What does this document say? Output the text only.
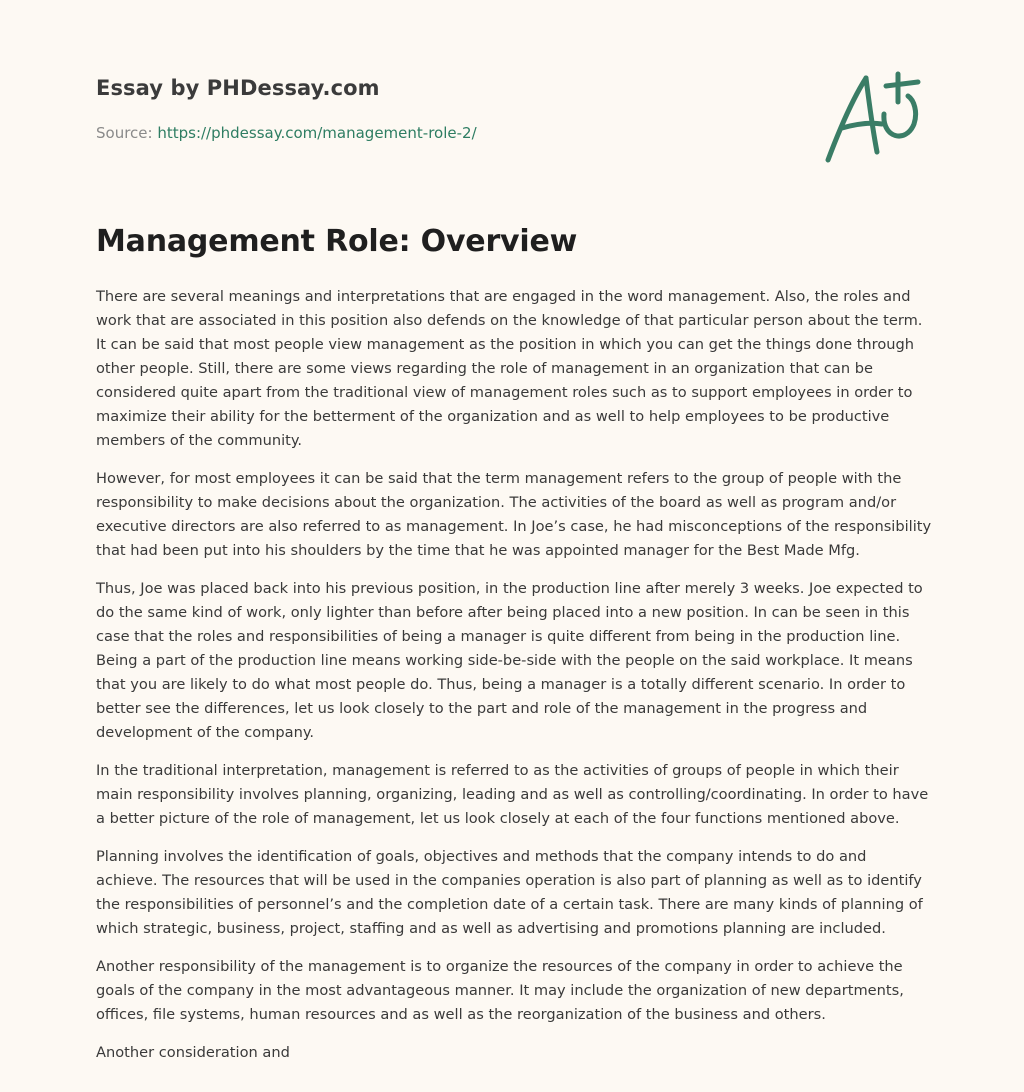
Essay by PHDessay.com
Source: https://phdessay.com/management-role-2/
Management Role: Overview

There are several meanings and interpretations that are engaged in the word management. Also, the roles and work that are associated in this position also defends on the knowledge of that particular person about the term. It can be said that most people view management as the position in which you can get the things done through other people. Still, there are some views regarding the role of management in an organization that can be considered quite apart from the traditional view of management roles such as to support employees in order to maximize their ability for the betterment of the organization and as well to help employees to be productive members of the community.

However, for most employees it can be said that the term management refers to the group of people with the responsibility to make decisions about the organization. The activities of the board as well as program and/or executive directors are also referred to as management. In Joe’s case, he had misconceptions of the responsibility that had been put into his shoulders by the time that he was appointed manager for the Best Made Mfg.

Thus, Joe was placed back into his previous position, in the production line after merely 3 weeks. Joe expected to do the same kind of work, only lighter than before after being placed into a new position. In can be seen in this case that the roles and responsibilities of being a manager is quite different from being in the production line. Being a part of the production line means working side-be-side with the people on the said workplace. It means that you are likely to do what most people do. Thus, being a manager is a totally different scenario. In order to better see the differences, let us look closely to the part and role of the management in the progress and development of the company.

In the traditional interpretation, management is referred to as the activities of groups of people in which their main responsibility involves planning, organizing, leading and as well as controlling/coordinating. In order to have a better picture of the role of management, let us look closely at each of the four functions mentioned above.

Planning involves the identification of goals, objectives and methods that the company intends to do and achieve. The resources that will be used in the companies operation is also part of planning as well as to identify the responsibilities of personnel’s and the completion date of a certain task. There are many kinds of planning of which strategic, business, project, staffing and as well as advertising and promotions planning are included.

Another responsibility of the management is to organize the resources of the company in order to achieve the goals of the company in the most advantageous manner. It may include the organization of new departments, offices, file systems, human resources and as well as the reorganization of the business and others.

Another consideration and
